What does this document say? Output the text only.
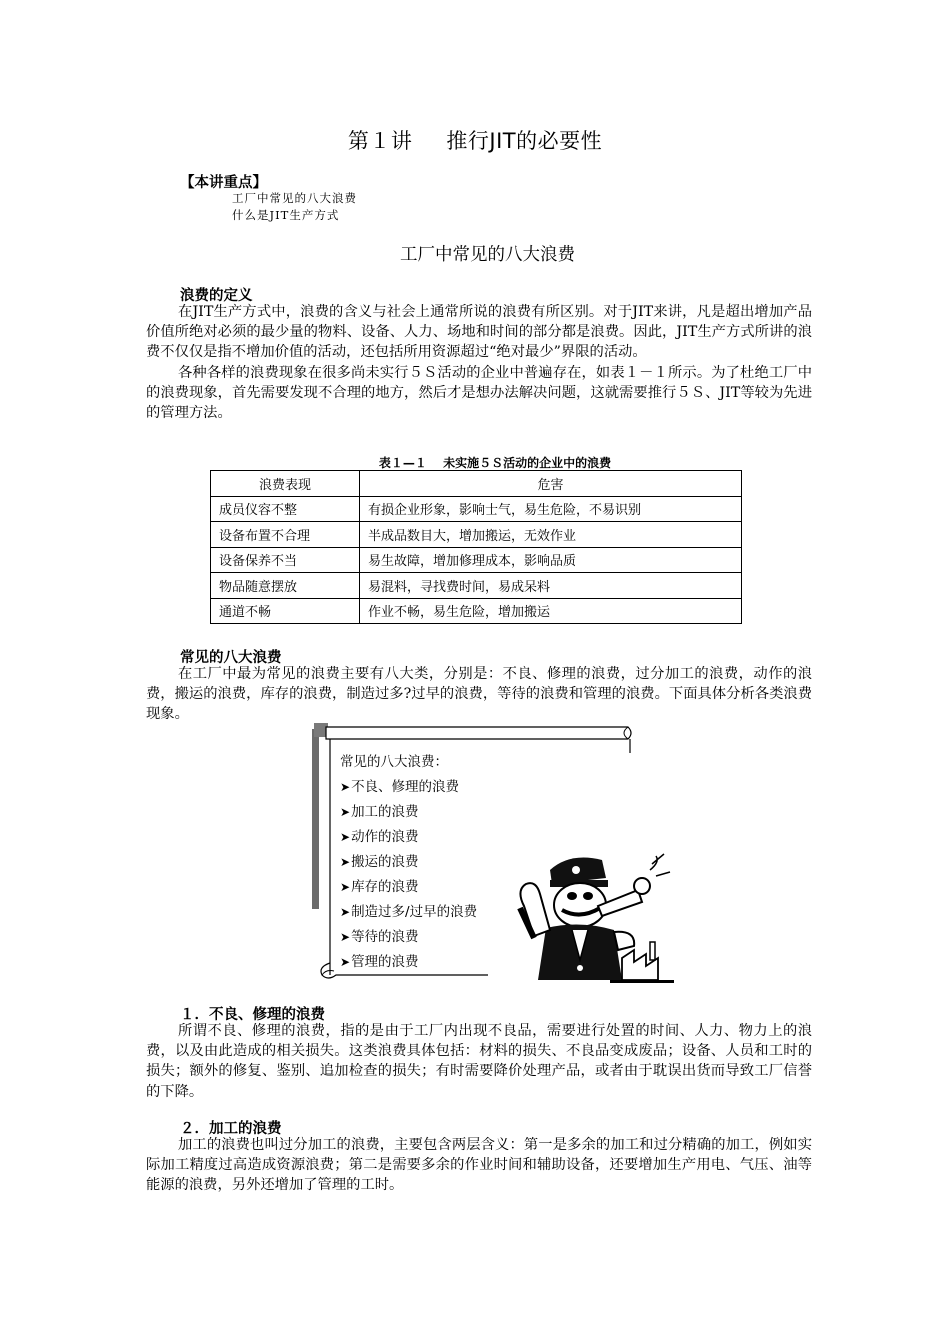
第１讲 推行JIT的必要性
【本讲重点】
工厂中常见的八大浪费
什么是JIT生产方式
工厂中常见的八大浪费
浪费的定义

在JIT生产方式中，浪费的含义与社会上通常所说的浪费有所区别。对于JIT来讲，凡是超出增加产品价值所绝对必须的最少量的物料、设备、人力、场地和时间的部分都是浪费。因此，JIT生产方式所讲的浪费不仅仅是指不增加价值的活动，还包括所用资源超过“绝对最少”界限的活动。

各种各样的浪费现象在很多尚未实行５Ｓ活动的企业中普遍存在，如表１－１所示。为了杜绝工厂中的浪费现象，首先需要发现不合理的地方，然后才是想办法解决问题，这就需要推行５Ｓ、JIT等较为先进的管理方法。

表１—１　 未实施５Ｓ活动的企业中的浪费
浪费表现	危害
成员仪容不整	有损企业形象，影响士气，易生危险，不易识别
设备布置不合理	半成品数目大，增加搬运，无效作业
设备保养不当	易生故障，增加修理成本，影响品质
物品随意摆放	易混料，寻找费时间，易成呆料
通道不畅	作业不畅，易生危险，增加搬运
常见的八大浪费

在工厂中最为常见的浪费主要有八大类，分别是：不良、修理的浪费，过分加工的浪费，动作的浪费，搬运的浪费，库存的浪费，制造过多?过早的浪费，等待的浪费和管理的浪费。下面具体分析各类浪费现象。

常见的八大浪费：
➤不良、修理的浪费
➤加工的浪费
➤动作的浪费
➤搬运的浪费
➤库存的浪费
➤制造过多/过早的浪费
➤等待的浪费
➤管理的浪费
１．不良、修理的浪费

所谓不良、修理的浪费，指的是由于工厂内出现不良品，需要进行处置的时间、人力、物力上的浪费，以及由此造成的相关损失。这类浪费具体包括：材料的损失、不良品变成废品；设备、人员和工时的损失；额外的修复、鉴别、追加检查的损失；有时需要降价处理产品，或者由于耽误出货而导致工厂信誉的下降。

２．加工的浪费

加工的浪费也叫过分加工的浪费，主要包含两层含义：第一是多余的加工和过分精确的加工，例如实际加工精度过高造成资源浪费；第二是需要多余的作业时间和辅助设备，还要增加生产用电、气压、油等能源的浪费，另外还增加了管理的工时。
